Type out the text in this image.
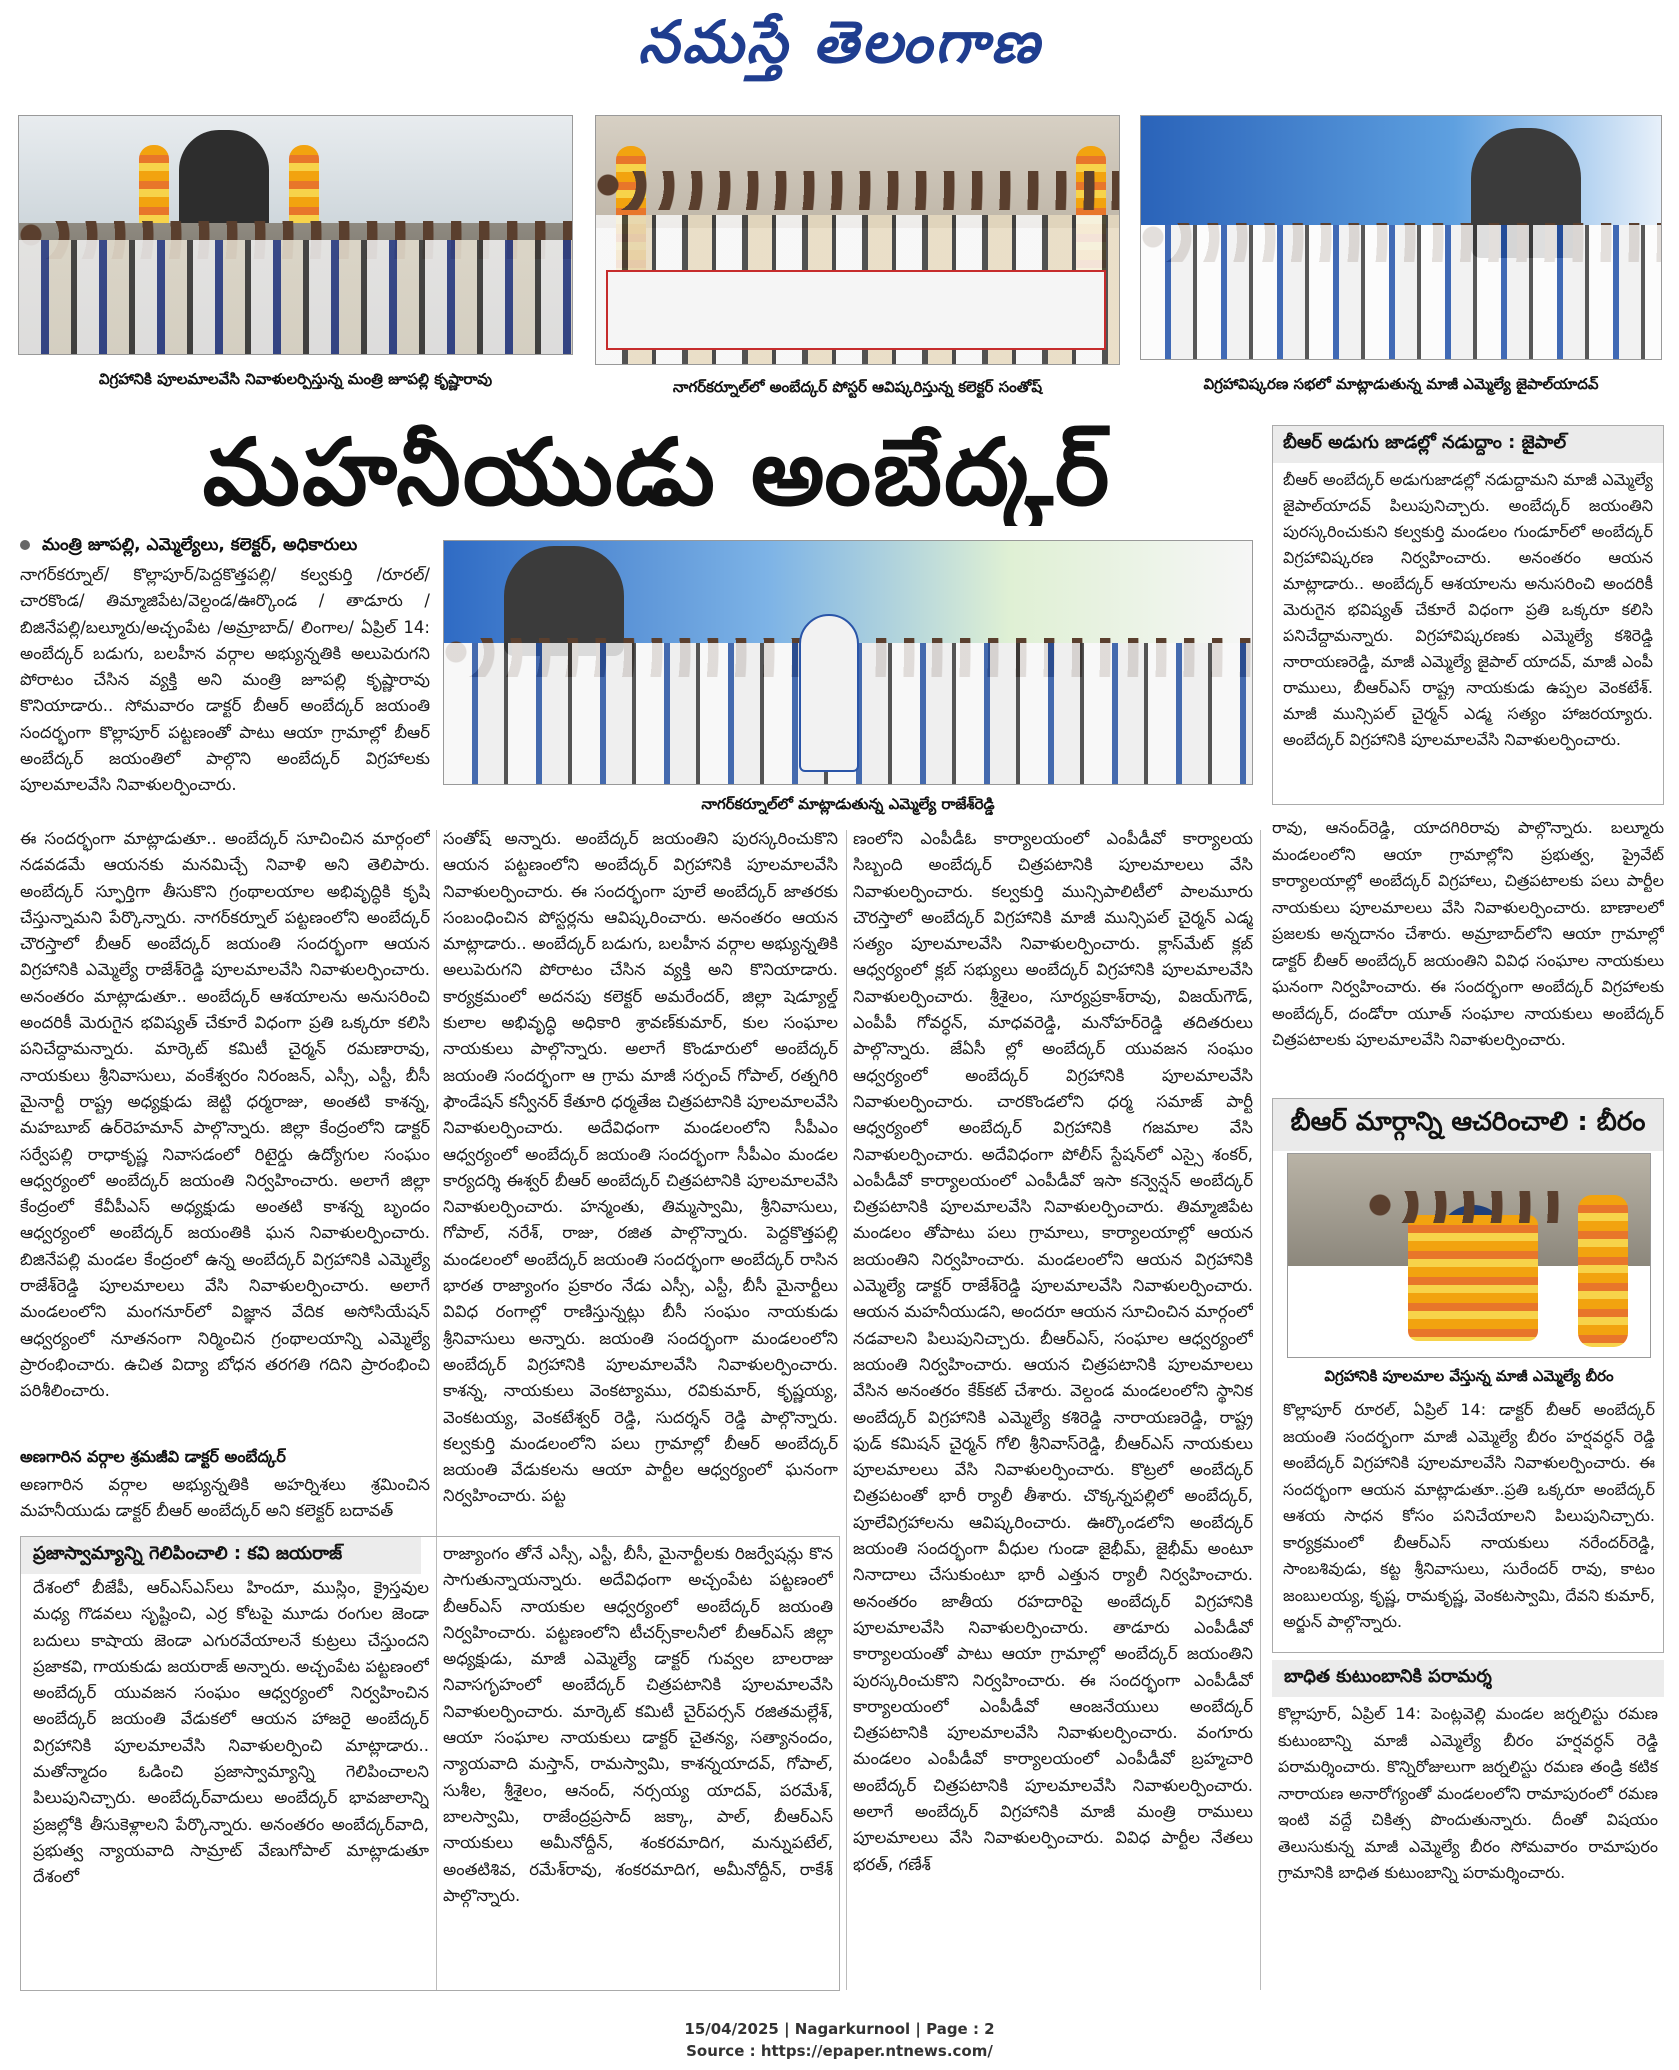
నమస్తే తెలంగాణ
విగ్రహానికి పూలమాలవేసి నివాళులర్పిస్తున్న మంత్రి జూపల్లి కృష్ణారావు	నాగర్‌కర్నూల్‌లో అంబేద్కర్ పోస్టర్ ఆవిష్కరిస్తున్న కలెక్టర్ సంతోష్	విగ్రహావిష్కరణ సభలో మాట్లాడుతున్న మాజీ ఎమ్మెల్యే జైపాల్‌యాదవ్
మహనీయుడు అంబేద్కర్	బీఆర్ అడుగు జాడల్లో నడుద్దాం : జైపాల్
బీఆర్ అంబేద్కర్ అడుగుజాడల్లో నడుద్దామని మాజీ ఎమ్మెల్యే జైపాల్‌యాదవ్ పిలుపునిచ్చారు. అంబేద్కర్ జయంతిని పురస్కరించుకుని కల్వకుర్తి మండలం గుండూర్‌లో అంబేద్కర్ విగ్రహావిష్కరణ నిర్వహించారు. అనంతరం ఆయన మాట్లాడారు.. అంబేద్కర్ ఆశయాలను అనుసరించి అందరికీ మెరుగైన భవిష్యత్ చేకూరే విధంగా ప్రతి ఒక్కరూ కలిసి పనిచేద్దామన్నారు. విగ్రహావిష్కరణకు ఎమ్మెల్యే కశిరెడ్డి నారాయణరెడ్డి, మాజీ ఎమ్మెల్యే జైపాల్ యాదవ్, మాజీ ఎంపీ రాములు, బీఆర్‌ఎస్ రాష్ట్ర నాయకుడు ఉప్పల వెంకటేశ్. మాజీ మున్సిపల్ చైర్మన్ ఎడ్మ సత్యం హాజరయ్యారు. అంబేద్కర్ విగ్రహానికి పూలమాలవేసి నివాళులర్పించారు.
మంత్రి జూపల్లి, ఎమ్మెల్యేలు, కలెక్టర్, అధికారులు
నాగర్‌కర్నూల్/ కొల్లాపూర్/పెద్దకొత్తపల్లి/ కల్వకుర్తి /రూరల్/చారకొండ/ తిమ్మాజిపేట/వెల్దండ/ఊర్కొండ / తాడూరు /బిజినేపల్లి/బల్మూరు/అచ్చంపేట /అమ్రాబాద్/ లింగాల/ ఏప్రిల్ 14: అంబేద్కర్ బడుగు, బలహీన వర్గాల అభ్యున్నతికి అలుపెరుగని పోరాటం చేసిన వ్యక్తి అని మంత్రి జూపల్లి కృష్ణారావు కొనియాడారు.. సోమవారం డాక్టర్ బీఆర్ అంబేద్కర్ జయంతి సందర్భంగా కొల్లాపూర్ పట్టణంతో పాటు ఆయా గ్రామాల్లో బీఆర్ అంబేద్కర్ జయంతిలో పాల్గొని అంబేద్కర్ విగ్రహాలకు పూలమాలవేసి నివాళులర్పించారు.
నాగర్‌కర్నూల్‌లో మాట్లాడుతున్న ఎమ్మెల్యే రాజేశ్‌రెడ్డి
ఈ సందర్భంగా మాట్లాడుతూ.. అంబేద్కర్ సూచించిన మార్గంలో నడవడమే ఆయనకు మనమిచ్చే నివాళి అని తెలిపారు. అంబేద్కర్ స్ఫూర్తిగా తీసుకొని గ్రంథాలయాల అభివృద్ధికి కృషి చేస్తున్నామని పేర్కొన్నారు. నాగర్‌కర్నూల్ పట్టణంలోని అంబేద్కర్ చౌరస్తాలో బీఆర్ అంబేద్కర్ జయంతి సందర్భంగా ఆయన విగ్రహానికి ఎమ్మెల్యే రాజేశ్‌రెడ్డి పూలమాలవేసి నివాళులర్పించారు. అనంతరం మాట్లాడుతూ.. అంబేద్కర్ ఆశయాలను అనుసరించి అందరికీ మెరుగైన భవిష్యత్ చేకూరే విధంగా ప్రతి ఒక్కరూ కలిసి పనిచేద్దామన్నారు. మార్కెట్ కమిటీ చైర్మన్ రమణారావు, నాయకులు శ్రీనివాసులు, వంకేశ్వరం నిరంజన్, ఎస్సీ, ఎస్టీ, బీసీ మైనార్టీ రాష్ట్ర అధ్యక్షుడు జెట్టి ధర్మరాజు, అంతటి కాశన్న, మహబూబ్ ఉర్‌రెహమాన్ పాల్గొన్నారు. జిల్లా కేంద్రంలోని డాక్టర్ సర్వేపల్లి రాధాకృష్ణ నివాసడంలో రిటైర్డు ఉద్యోగుల సంఘం ఆధ్వర్యంలో అంబేద్కర్ జయంతి నిర్వహించారు. అలాగే జిల్లా కేంద్రంలో కేవీపీఎస్ అధ్యక్షుడు అంతటి కాశన్న బృందం ఆధ్వర్యంలో అంబేద్కర్ జయంతికి ఘన నివాళులర్పించారు. బిజినేపల్లి మండల కేంద్రంలో ఉన్న అంబేద్కర్ విగ్రహానికి ఎమ్మెల్యే రాజేశ్‌రెడ్డి పూలమాలలు వేసి నివాళులర్పించారు. అలాగే మండలంలోని మంగనూర్‌లో విజ్ఞాన వేదిక అసోసియేషన్ ఆధ్వర్యంలో నూతనంగా నిర్మించిన గ్రంథాలయాన్ని ఎమ్మెల్యే ప్రారంభించారు. ఉచిత విద్యా బోధన తరగతి గదిని ప్రారంభించి పరిశీలించారు.
అణగారిన వర్గాల శ్రమజీవి డాక్టర్ అంబేద్కర్
అణగారిన వర్గాల అభ్యున్నతికి అహర్నిశలు శ్రమించిన మహనీయుడు డాక్టర్ బీఆర్ అంబేద్కర్ అని కలెక్టర్ బదావత్
సంతోష్ అన్నారు. అంబేద్కర్ జయంతిని పురస్కరించుకొని ఆయన పట్టణంలోని అంబేద్కర్ విగ్రహానికి పూలమాలవేసి నివాళులర్పించారు. ఈ సందర్భంగా పూలే అంబేద్కర్ జాతరకు సంబంధించిన పోస్టర్లను ఆవిష్కరించారు. అనంతరం ఆయన మాట్లాడారు.. అంబేద్కర్ బడుగు, బలహీన వర్గాల అభ్యున్నతికి అలుపెరుగని పోరాటం చేసిన వ్యక్తి అని కొనియాడారు. కార్యక్రమంలో అదనపు కలెక్టర్ అమరేందర్, జిల్లా షెడ్యూల్డ్ కులాల అభివృద్ధి అధికారి శ్రావణ్‌కుమార్, కుల సంఘాల నాయకులు పాల్గొన్నారు. అలాగే కొండూరులో అంబేద్కర్ జయంతి సందర్భంగా ఆ గ్రామ మాజీ సర్పంచ్ గోపాల్, రత్నగిరి ఫౌండేషన్ కన్వీనర్ కేతూరి ధర్మతేజ చిత్రపటానికి పూలమాలవేసి నివాళులర్పించారు. అదేవిధంగా మండలంలోని సీపీఎం ఆధ్వర్యంలో అంబేద్కర్ జయంతి సందర్భంగా సీపీఎం మండల కార్యదర్శి ఈశ్వర్ బీఆర్ అంబేద్కర్ చిత్రపటానికి పూలమాలవేసి నివాళులర్పించారు. హన్మంతు, తిమ్మస్వామి, శ్రీనివాసులు, గోపాల్, నరేశ్, రాజు, రజిత పాల్గొన్నారు. పెద్దకొత్తపల్లి మండలంలో అంబేద్కర్ జయంతి సందర్భంగా అంబేద్కర్ రాసిన భారత రాజ్యాంగం ప్రకారం నేడు ఎస్సీ, ఎస్టీ, బీసీ మైనార్టీలు వివిధ రంగాల్లో రాణిస్తున్నట్లు బీసీ సంఘం నాయకుడు శ్రీనివాసులు అన్నారు. జయంతి సందర్భంగా మండలంలోని అంబేద్కర్ విగ్రహానికి పూలమాలవేసి నివాళులర్పించారు. కాశన్న, నాయకులు వెంకట్యాము, రవికుమార్, కృష్ణయ్య, వెంకటయ్య, వెంకటేశ్వర్ రెడ్డి, సుదర్శన్ రెడ్డి పాల్గొన్నారు. కల్వకుర్తి మండలంలోని పలు గ్రామాల్లో బీఆర్ అంబేద్కర్ జయంతి వేడుకలను ఆయా పార్టీల ఆధ్వర్యంలో ఘనంగా నిర్వహించారు. పట్ట
ణంలోని ఎంపీడీఓ కార్యాలయంలో ఎంపీడీవో కార్యాలయ సిబ్బంది అంబేద్కర్ చిత్రపటానికి పూలమాలలు వేసి నివాళులర్పించారు. కల్వకుర్తి మున్సిపాలిటీలో పాలమూరు చౌరస్తాలో అంబేద్కర్ విగ్రహానికి మాజీ మున్సిపల్ చైర్మన్ ఎడ్మ సత్యం పూలమాలవేసి నివాళులర్పించారు. క్లాస్‌మేట్ క్లబ్ ఆధ్వర్యంలో క్లబ్ సభ్యులు అంబేద్కర్ విగ్రహానికి పూలమాలవేసి నివాళులర్పించారు. శ్రీశైలం, సూర్యప్రకాశ్‌రావు, విజయ్‌గౌడ్, ఎంపీపీ గోవర్ధన్, మాధవరెడ్డి, మనోహర్‌రెడ్డి తదితరులు పాల్గొన్నారు. జేఏసీ ల్లో అంబేద్కర్ యువజన సంఘం ఆధ్వర్యంలో అంబేద్కర్ విగ్రహానికి పూలమాలవేసి నివాళులర్పించారు. చారకొండలోని ధర్మ సమాజ్ పార్టీ ఆధ్వర్యంలో అంబేద్కర్ విగ్రహానికి గజమాల వేసి నివాళులర్పించారు. అదేవిధంగా పోలీస్ స్టేషన్‌లో ఎస్సై శంకర్, ఎంపీడీవో కార్యాలయంలో ఎంపీడీవో ఇసా కన్వెన్షన్ అంబేద్కర్ చిత్రపటానికి పూలమాలవేసి నివాళులర్పించారు. తిమ్మాజిపేట మండలం తోపాటు పలు గ్రామాలు, కార్యాలయాల్లో ఆయన జయంతిని నిర్వహించారు. మండలంలోని ఆయన విగ్రహానికి ఎమ్మెల్యే డాక్టర్ రాజేశ్‌రెడ్డి పూలమాలవేసి నివాళులర్పించారు. ఆయన మహనీయుడని, అందరూ ఆయన సూచించిన మార్గంలో నడవాలని పిలుపునిచ్చారు. బీఆర్‌ఎస్, సంఘాల ఆధ్వర్యంలో జయంతి నిర్వహించారు. ఆయన చిత్రపటానికి పూలమాలలు వేసిన అనంతరం కేక్‌కట్ చేశారు. వెల్దండ మండలంలోని స్థానిక అంబేద్కర్ విగ్రహానికి ఎమ్మెల్యే కశిరెడ్డి నారాయణరెడ్డి, రాష్ట్ర ఫుడ్ కమిషన్ చైర్మన్ గోలి శ్రీనివాస్‌రెడ్డి, బీఆర్‌ఎస్ నాయకులు పూలమాలలు వేసి నివాళులర్పించారు. కొట్రలో అంబేద్కర్ చిత్రపటంతో భారీ ర్యాలీ తీశారు. చొక్కన్నపల్లిలో అంబేద్కర్, పూలేవిగ్రహాలను ఆవిష్కరించారు. ఊర్కొండలోని అంబేద్కర్ జయంతి సందర్భంగా వీధుల గుండా జైభీమ్, జైభీమ్ అంటూ నినాదాలు చేసుకుంటూ భారీ ఎత్తున ర్యాలీ నిర్వహించారు. అనంతరం జాతీయ రహదారిపై అంబేద్కర్ విగ్రహానికి పూలమాలవేసి నివాళులర్పించారు. తాడూరు ఎంపీడీవో కార్యాలయంతో పాటు ఆయా గ్రామాల్లో అంబేద్కర్ జయంతిని పురస్కరించుకొని నిర్వహించారు. ఈ సందర్భంగా ఎంపీడీవో కార్యాలయంలో ఎంపీడీవో ఆంజనేయులు అంబేద్కర్ చిత్రపటానికి పూలమాలవేసి నివాళులర్పించారు. వంగూరు మండలం ఎంపీడీవో కార్యాలయంలో ఎంపీడీవో బ్రహ్మచారి అంబేద్కర్ చిత్రపటానికి పూలమాలవేసి నివాళులర్పించారు. అలాగే అంబేద్కర్ విగ్రహానికి మాజీ మంత్రి రాములు పూలమాలలు వేసి నివాళులర్పించారు. వివిధ పార్టీల నేతలు భరత్, గణేశ్
ప్రజాస్వామ్యాన్ని గెలిపించాలి : కవి జయరాజ్
దేశంలో బీజేపీ, ఆర్‌ఎస్‌ఎస్‌లు హిందూ, ముస్లిం, క్రైస్తవుల మధ్య గొడవలు సృష్టించి, ఎర్ర కోటపై మూడు రంగుల జెండా బదులు కాషాయ జెండా ఎగురవేయాలనే కుట్రలు చేస్తుందని ప్రజాకవి, గాయకుడు జయరాజ్ అన్నారు. అచ్చంపేట పట్టణంలో అంబేద్కర్ యువజన సంఘం ఆధ్వర్యంలో నిర్వహించిన అంబేద్కర్ జయంతి వేడుకలో ఆయన హాజరై అంబేద్కర్ విగ్రహానికి పూలమాలవేసి నివాళులర్పించి మాట్లాడారు.. మతోన్మాదం ఓడించి ప్రజాస్వామ్యాన్ని గెలిపించాలని పిలుపునిచ్చారు. అంబేద్కర్‌వాదులు అంబేద్కర్ భావజాలాన్ని ప్రజల్లోకి తీసుకెళ్లాలని పేర్కొన్నారు. అనంతరం అంబేద్కర్‌వాది, ప్రభుత్వ న్యాయవాది సామ్రాట్ వేణుగోపాల్ మాట్లాడుతూ దేశంలో
రాజ్యాంగం తోనే ఎస్సీ, ఎస్టీ, బీసీ, మైనార్టీలకు రిజర్వేషన్లు కొన సాగుతున్నాయన్నారు. అదేవిధంగా అచ్చంపేట పట్టణంలో బీఆర్‌ఎస్ నాయకుల ఆధ్వర్యంలో అంబేద్కర్ జయంతి నిర్వహించారు. పట్టణంలోని టీచర్స్‌కాలనీలో బీఆర్‌ఎస్ జిల్లా అధ్యక్షుడు, మాజీ ఎమ్మెల్యే డాక్టర్ గువ్వల బాలరాజు నివాసగృహంలో అంబేద్కర్ చిత్రపటానికి పూలమాలవేసి నివాళులర్పించారు. మార్కెట్ కమిటీ చైర్‌పర్సన్ రజితమల్లేశ్, ఆయా సంఘాల నాయకులు డాక్టర్ చైతన్య, సత్యానందం, న్యాయవాది మస్తాన్, రామస్వామి, కాశన్నయాదవ్, గోపాల్, సుశీల, శ్రీశైలం, ఆనంద్, నర్సయ్య యాదవ్, పరమేశ్, బాలస్వామి, రాజేంద్రప్రసాద్ జక్కా, పాల్, బీఆర్‌ఎస్ నాయకులు అమీనోద్దీన్, శంకరమాదిగ, మన్నుపటేల్, అంతటిశివ, రమేశ్‌రావు, శంకరమాదిగ, అమీనోద్దీన్, రాకేశ్ పాల్గొన్నారు.
రావు, ఆనంద్‌రెడ్డి, యాదగిరిరావు పాల్గొన్నారు. బల్మూరు మండలంలోని ఆయా గ్రామాల్లోని ప్రభుత్వ, ప్రైవేట్ కార్యాలయాల్లో అంబేద్కర్ విగ్రహాలు, చిత్రపటాలకు పలు పార్టీల నాయకులు పూలమాలలు వేసి నివాళులర్పించారు. బాణాలలో ప్రజలకు అన్నదానం చేశారు. అమ్రాబాద్‌లోని ఆయా గ్రామాల్లో డాక్టర్ బీఆర్ అంబేద్కర్ జయంతిని వివిధ సంఘాల నాయకులు ఘనంగా నిర్వహించారు. ఈ సందర్భంగా అంబేద్కర్ విగ్రహాలకు అంబేద్కర్, దండోరా యూత్ సంఘాల నాయకులు అంబేద్కర్ చిత్రపటాలకు పూలమాలవేసి నివాళులర్పించారు.
బీఆర్ మార్గాన్ని ఆచరించాలి : బీరం
విగ్రహానికి పూలమాల వేస్తున్న మాజీ ఎమ్మెల్యే బీరం
కొల్లాపూర్ రూరల్, ఏప్రిల్ 14: డాక్టర్ బీఆర్ అంబేద్కర్ జయంతి సందర్భంగా మాజీ ఎమ్మెల్యే బీరం హర్షవర్ధన్ రెడ్డి అంబేద్కర్ విగ్రహానికి పూలమాలవేసి నివాళులర్పించారు. ఈ సందర్భంగా ఆయన మాట్లాడుతూ..ప్రతి ఒక్కరూ అంబేద్కర్ ఆశయ సాధన కోసం పనిచేయాలని పిలుపునిచ్చారు. కార్యక్రమంలో బీఆర్‌ఎస్ నాయకులు నరేందర్‌రెడ్డి, సాంబశివుడు, కట్ట శ్రీనివాసులు, సురేందర్ రావు, కాటం జంబులయ్య, కృష్ణ, రామకృష్ణ, వెంకటస్వామి, దేవని కుమార్, అర్జున్ పాల్గొన్నారు.
బాధిత కుటుంబానికి పరామర్శ
కొల్లాపూర్, ఏప్రిల్ 14: పెంట్లవెల్లి మండల జర్నలిస్టు రమణ కుటుంబాన్ని మాజీ ఎమ్మెల్యే బీరం హర్షవర్ధన్ రెడ్డి పరామర్శించారు. కొన్నిరోజులుగా జర్నలిస్టు రమణ తండ్రి కటిక నారాయణ అనారోగ్యంతో మండలంలోని రామాపురంలో రమణ ఇంటి వద్దే చికిత్స పొందుతున్నారు. దీంతో విషయం తెలుసుకున్న మాజీ ఎమ్మెల్యే బీరం సోమవారం రామాపురం గ్రామానికి బాధిత కుటుంబాన్ని పరామర్శించారు.
15/04/2025 | Nagarkurnool | Page : 2
Source : https://epaper.ntnews.com/
